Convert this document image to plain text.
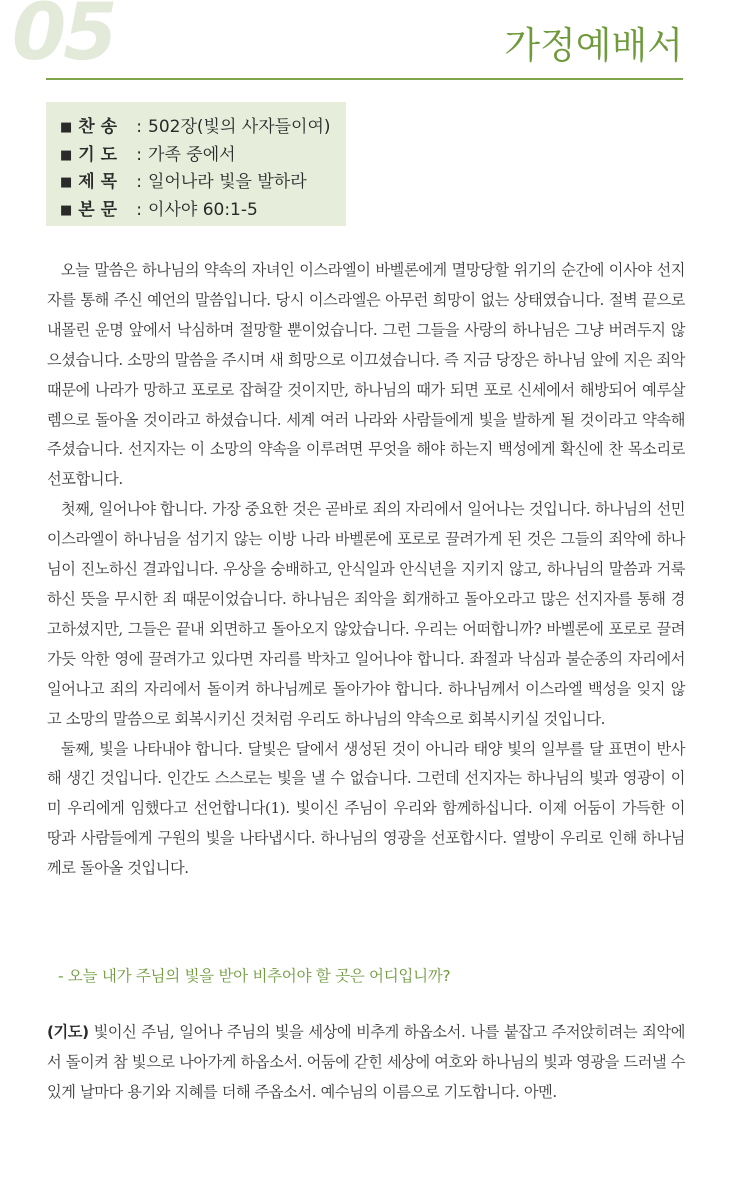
05	가정예배서
■ 찬 송 : 502장(빛의 사자들이여)
■ 기 도 : 가족 중에서
■ 제 목 : 일어나라 빛을 발하라
■ 본 문 : 이사야 60:1-5

오늘 말씀은 하나님의 약속의 자녀인 이스라엘이 바벨론에게 멸망당할 위기의 순간에 이사야 선지자를 통해 주신 예언의 말씀입니다. 당시 이스라엘은 아무런 희망이 없는 상태였습니다. 절벽 끝으로 내몰린 운명 앞에서 낙심하며 절망할 뿐이었습니다. 그런 그들을 사랑의 하나님은 그냥 버려두지 않으셨습니다. 소망의 말씀을 주시며 새 희망으로 이끄셨습니다. 즉 지금 당장은 하나님 앞에 지은 죄악 때문에 나라가 망하고 포로로 잡혀갈 것이지만, 하나님의 때가 되면 포로 신세에서 해방되어 예루살렘으로 돌아올 것이라고 하셨습니다. 세계 여러 나라와 사람들에게 빛을 발하게 될 것이라고 약속해 주셨습니다. 선지자는 이 소망의 약속을 이루려면 무엇을 해야 하는지 백성에게 확신에 찬 목소리로 선포합니다.

첫째, 일어나야 합니다. 가장 중요한 것은 곧바로 죄의 자리에서 일어나는 것입니다. 하나님의 선민 이스라엘이 하나님을 섬기지 않는 이방 나라 바벨론에 포로로 끌려가게 된 것은 그들의 죄악에 하나님이 진노하신 결과입니다. 우상을 숭배하고, 안식일과 안식년을 지키지 않고, 하나님의 말씀과 거룩하신 뜻을 무시한 죄 때문이었습니다. 하나님은 죄악을 회개하고 돌아오라고 많은 선지자를 통해 경고하셨지만, 그들은 끝내 외면하고 돌아오지 않았습니다. 우리는 어떠합니까? 바벨론에 포로로 끌려가듯 악한 영에 끌려가고 있다면 자리를 박차고 일어나야 합니다. 좌절과 낙심과 불순종의 자리에서 일어나고 죄의 자리에서 돌이켜 하나님께로 돌아가야 합니다. 하나님께서 이스라엘 백성을 잊지 않고 소망의 말씀으로 회복시키신 것처럼 우리도 하나님의 약속으로 회복시키실 것입니다.

둘째, 빛을 나타내야 합니다. 달빛은 달에서 생성된 것이 아니라 태양 빛의 일부를 달 표면이 반사해 생긴 것입니다. 인간도 스스로는 빛을 낼 수 없습니다. 그런데 선지자는 하나님의 빛과 영광이 이미 우리에게 임했다고 선언합니다(1). 빛이신 주님이 우리와 함께하십니다. 이제 어둠이 가득한 이 땅과 사람들에게 구원의 빛을 나타냅시다. 하나님의 영광을 선포합시다. 열방이 우리로 인해 하나님께로 돌아올 것입니다.

- 오늘 내가 주님의 빛을 받아 비추어야 할 곳은 어디입니까?

(기도) 빛이신 주님, 일어나 주님의 빛을 세상에 비추게 하옵소서. 나를 붙잡고 주저앉히려는 죄악에서 돌이켜 참 빛으로 나아가게 하옵소서. 어둠에 갇힌 세상에 여호와 하나님의 빛과 영광을 드러낼 수 있게 날마다 용기와 지혜를 더해 주옵소서. 예수님의 이름으로 기도합니다. 아멘.
